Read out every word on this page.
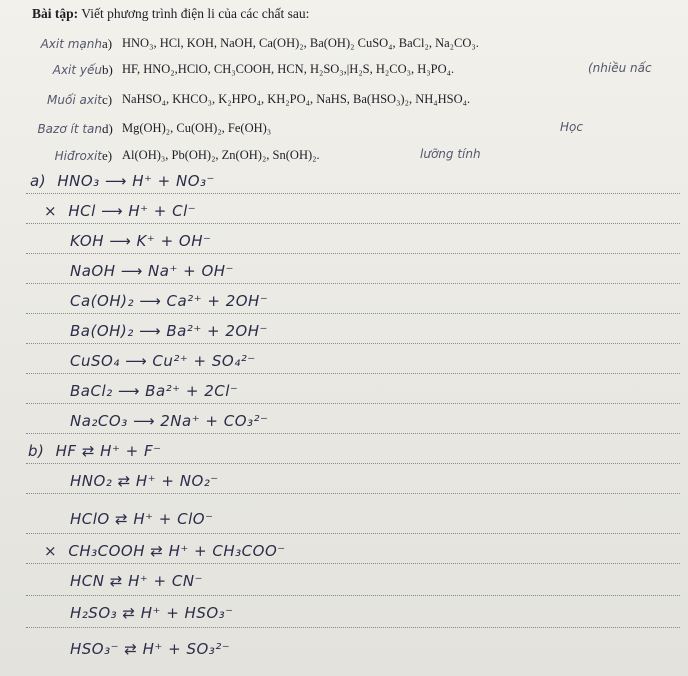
Bài tập: Viết phương trình điện li của các chất sau:
Axit mạnh a) HNO₃, HCl, KOH, NaOH, Ca(OH)₂, Ba(OH)₂ CuSO₄, BaCl₂, Na₂CO₃.
Axit yếu b) HF, HNO₂,HClO, CH₃COOH, HCN, H₂SO₃,|H₂S, H₂CO₃, H₃PO₄.	(nhiều nấc
Muối axit c) NaHSO₄, KHCO₃, K₂HPO₄, KH₂PO₄, NaHS, Ba(HSO₃)₂, NH₄HSO₄.
Bazơ ít tan d) Mg(OH)₂, Cu(OH)₂, Fe(OH)₃	Học
Hiđroxit e) Al(OH)₃, Pb(OH)₂, Zn(OH)₂, Sn(OH)₂.	lưỡng tính
a) HNO₃ ⟶ H⁺ + NO₃⁻
× HCl ⟶ H⁺ + Cl⁻
KOH ⟶ K⁺ + OH⁻
NaOH ⟶ Na⁺ + OH⁻
Ca(OH)₂ ⟶ Ca²⁺ + 2OH⁻
Ba(OH)₂ ⟶ Ba²⁺ + 2OH⁻
CuSO₄ ⟶ Cu²⁺ + SO₄²⁻
BaCl₂ ⟶ Ba²⁺ + 2Cl⁻
Na₂CO₃ ⟶ 2Na⁺ + CO₃²⁻
b) HF ⇄ H⁺ + F⁻
HNO₂ ⇄ H⁺ + NO₂⁻
HClO ⇄ H⁺ + ClO⁻
× CH₃COOH ⇄ H⁺ + CH₃COO⁻
HCN ⇄ H⁺ + CN⁻
H₂SO₃ ⇄ H⁺ + HSO₃⁻
HSO₃⁻ ⇄ H⁺ + SO₃²⁻
